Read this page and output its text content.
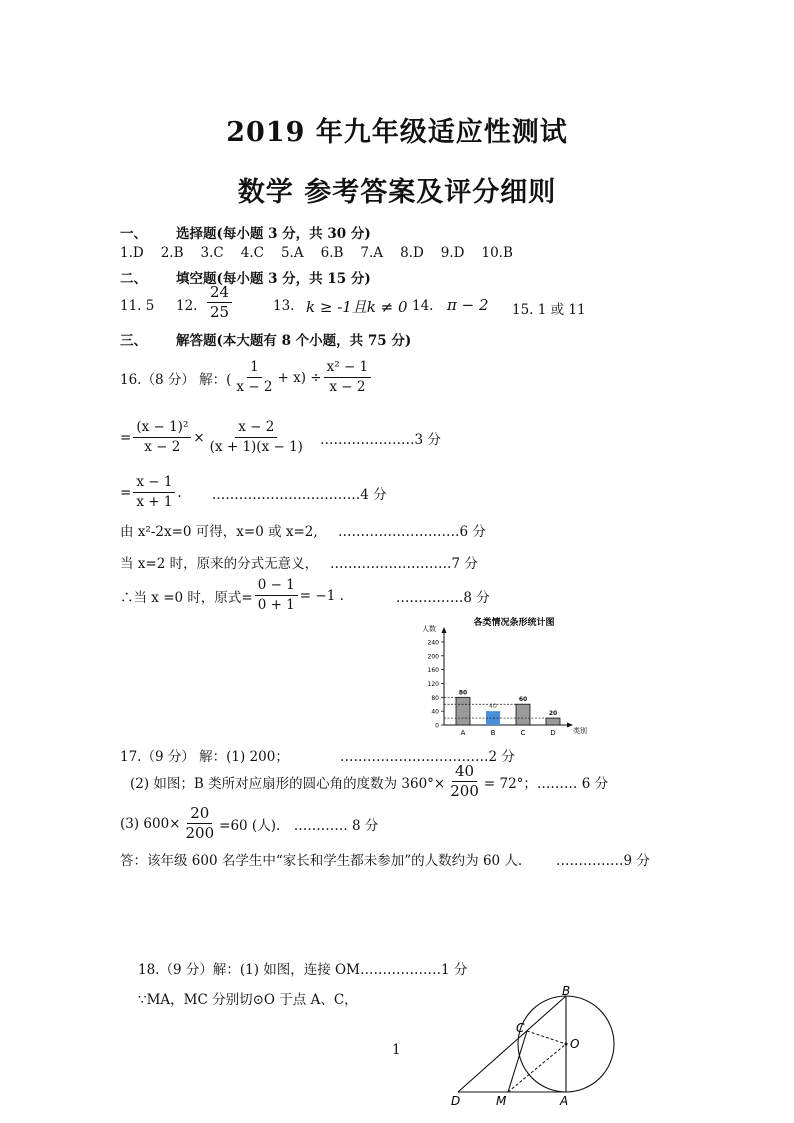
2019 年九年级适应性测试
数学 参考答案及评分细则
一、 选择题(每小题 3 分，共 30 分)
1.D 2.B 3.C 4.C 5.A 6.B 7.A 8.D 9.D 10.B
二、 填空题(每小题 3 分，共 15 分)
11. 5 12. $\frac{24}{25}$	13. k ≥ -1且k ≠ 0 14. π − 2 15. 1 或 11
三、 解答题(本大题有 8 个小题，共 75 分)
16.（8 分） 解：( $\frac{1}{x - 2} + x) \div \frac{\text{x² − 1}}{x - 2}$
= $\frac{\text{(x − 1)²}}{x - 2} \times \frac{x - 2}{(x + 1)(x - 1)}$ …………………3 分
= $\frac{x - 1}{x + 1}$ . ……………………………4 分
由 x²-2x=0 可得，x=0 或 x=2, ………………………6 分
当 x=2 时，原来的分式无意义， ………………………7 分
∴当 x =0 时，原式= $\frac{0 - 1}{0 + 1} = -1$ .	……………8 分
各类情况条形统计图
人数
类别
0
40
80
120
160
200
240
80
A
40
B
60
C
20
D
17.（9 分） 解：(1) 200；	……………………………2 分
(2) 如图；B 类所对应扇形的圆心角的度数为 $360^\circ\times \frac{40}{200} = 72^\circ$；……… 6 分
(3) $600\times \frac{20}{200} =60$ (人)． ………… 8 分
答：该年级 600 名学生中“家长和学生都未参加”的人数约为 60 人.	……………9 分
18.（9 分）解：(1) 如图，连接 OM………………1 分
∵MA，MC 分别切⊙O 于点 A、C，
B
C
O
D	M	A
1
